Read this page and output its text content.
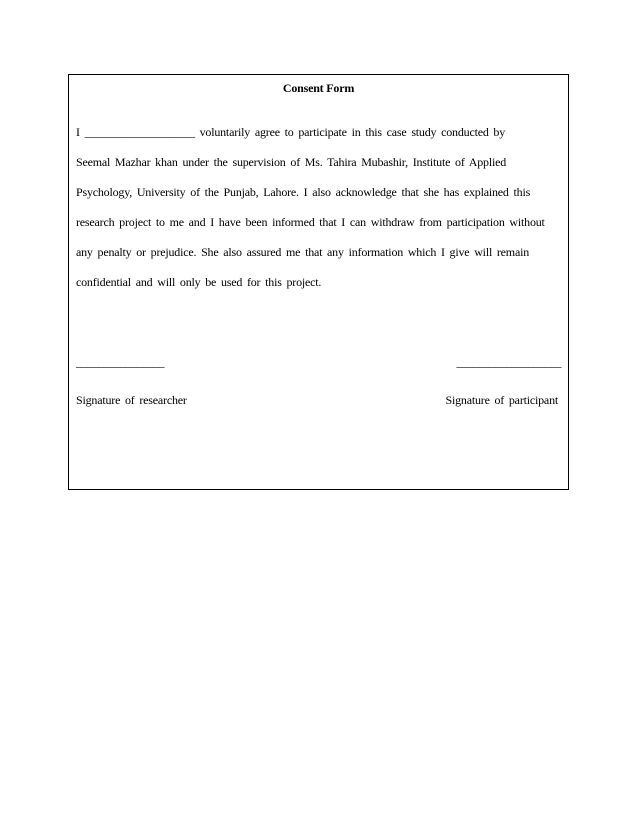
Consent Form
I ___________________ voluntarily agree to participate in this case study conducted by
Seemal Mazhar khan under the supervision of Ms. Tahira Mubashir, Institute of Applied
Psychology, University of the Punjab, Lahore. I also acknowledge that she has explained this
research project to me and I have been informed that I can withdraw from participation without
any penalty or prejudice. She also assured me that any information which I give will remain
confidential and will only be used for this project.
________________	___________________
Signature of researcher	Signature of participant
